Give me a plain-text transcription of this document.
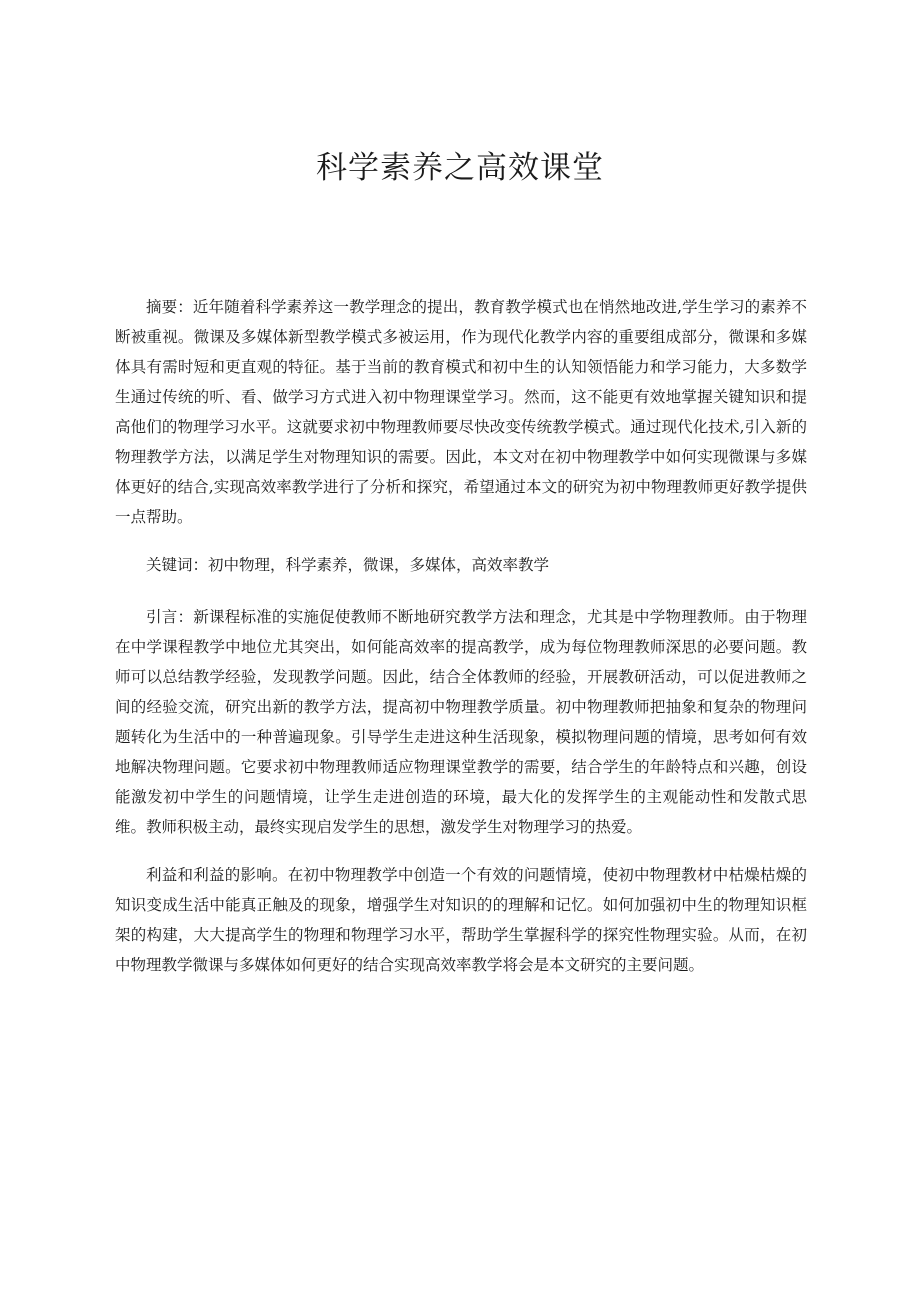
科学素养之高效课堂

摘要：近年随着科学素养这一教学理念的提出，教育教学模式也在悄然地改进,学生学习的素养不断被重视。微课及多媒体新型教学模式多被运用，作为现代化教学内容的重要组成部分，微课和多媒体具有需时短和更直观的特征。基于当前的教育模式和初中生的认知领悟能力和学习能力，大多数学生通过传统的听、看、做学习方式进入初中物理课堂学习。然而，这不能更有效地掌握关键知识和提高他们的物理学习水平。这就要求初中物理教师要尽快改变传统教学模式。通过现代化技术,引入新的物理教学方法，以满足学生对物理知识的需要。因此，本文对在初中物理教学中如何实现微课与多媒体更好的结合,实现高效率教学进行了分析和探究，希望通过本文的研究为初中物理教师更好教学提供一点帮助。

关键词：初中物理，科学素养，微课，多媒体，高效率教学

引言：新课程标准的实施促使教师不断地研究教学方法和理念，尤其是中学物理教师。由于物理在中学课程教学中地位尤其突出，如何能高效率的提高教学，成为每位物理教师深思的必要问题。教师可以总结教学经验，发现教学问题。因此，结合全体教师的经验，开展教研活动，可以促进教师之间的经验交流，研究出新的教学方法，提高初中物理教学质量。初中物理教师把抽象和复杂的物理问题转化为生活中的一种普遍现象。引导学生走进这种生活现象，模拟物理问题的情境，思考如何有效地解决物理问题。它要求初中物理教师适应物理课堂教学的需要，结合学生的年龄特点和兴趣，创设能激发初中学生的问题情境，让学生走进创造的环境，最大化的发挥学生的主观能动性和发散式思维。教师积极主动，最终实现启发学生的思想，激发学生对物理学习的热爱。

利益和利益的影响。在初中物理教学中创造一个有效的问题情境，使初中物理教材中枯燥枯燥的知识变成生活中能真正触及的现象，增强学生对知识的的理解和记忆。如何加强初中生的物理知识框架的构建，大大提高学生的物理和物理学习水平，帮助学生掌握科学的探究性物理实验。从而，在初中物理教学微课与多媒体如何更好的结合实现高效率教学将会是本文研究的主要问题。
